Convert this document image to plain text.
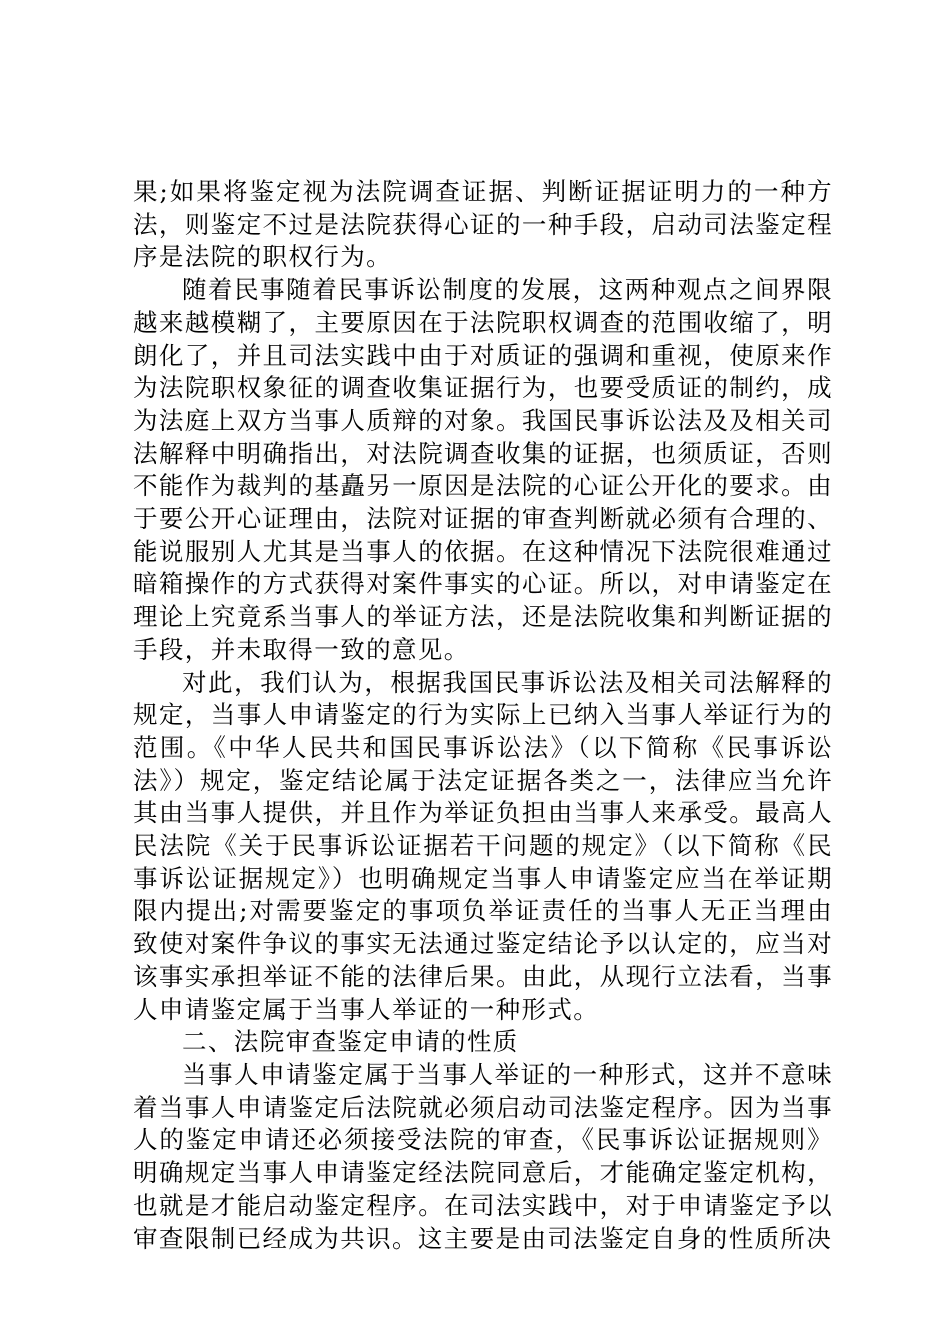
果;如果将鉴定视为法院调查证据、判断证据证明力的一种方法，则鉴定不过是法院获得心证的一种手段，启动司法鉴定程序是法院的职权行为。

随着民事随着民事诉讼制度的发展，这两种观点之间界限越来越模糊了，主要原因在于法院职权调查的范围收缩了，明朗化了，并且司法实践中由于对质证的强调和重视，使原来作为法院职权象征的调查收集证据行为，也要受质证的制约，成为法庭上双方当事人质辩的对象。我国民事诉讼法及及相关司法解释中明确指出，对法院调查收集的证据，也须质证，否则不能作为裁判的基矗另一原因是法院的心证公开化的要求。由于要公开心证理由，法院对证据的审查判断就必须有合理的、能说服别人尤其是当事人的依据。在这种情况下法院很难通过暗箱操作的方式获得对案件事实的心证。所以，对申请鉴定在理论上究竟系当事人的举证方法，还是法院收集和判断证据的手段，并未取得一致的意见。

对此，我们认为，根据我国民事诉讼法及相关司法解释的规定，当事人申请鉴定的行为实际上已纳入当事人举证行为的范围。《中华人民共和国民事诉讼法》（以下简称《民事诉讼法》）规定，鉴定结论属于法定证据各类之一，法律应当允许其由当事人提供，并且作为举证负担由当事人来承受。最高人民法院《关于民事诉讼证据若干问题的规定》（以下简称《民事诉讼证据规定》）也明确规定当事人申请鉴定应当在举证期限内提出;对需要鉴定的事项负举证责任的当事人无正当理由致使对案件争议的事实无法通过鉴定结论予以认定的，应当对该事实承担举证不能的法律后果。由此，从现行立法看，当事人申请鉴定属于当事人举证的一种形式。

二、法院审查鉴定申请的性质

当事人申请鉴定属于当事人举证的一种形式，这并不意味着当事人申请鉴定后法院就必须启动司法鉴定程序。因为当事人的鉴定申请还必须接受法院的审查，《民事诉讼证据规则》明确规定当事人申请鉴定经法院同意后，才能确定鉴定机构，也就是才能启动鉴定程序。在司法实践中，对于申请鉴定予以审查限制已经成为共识。这主要是由司法鉴定自身的性质所决
